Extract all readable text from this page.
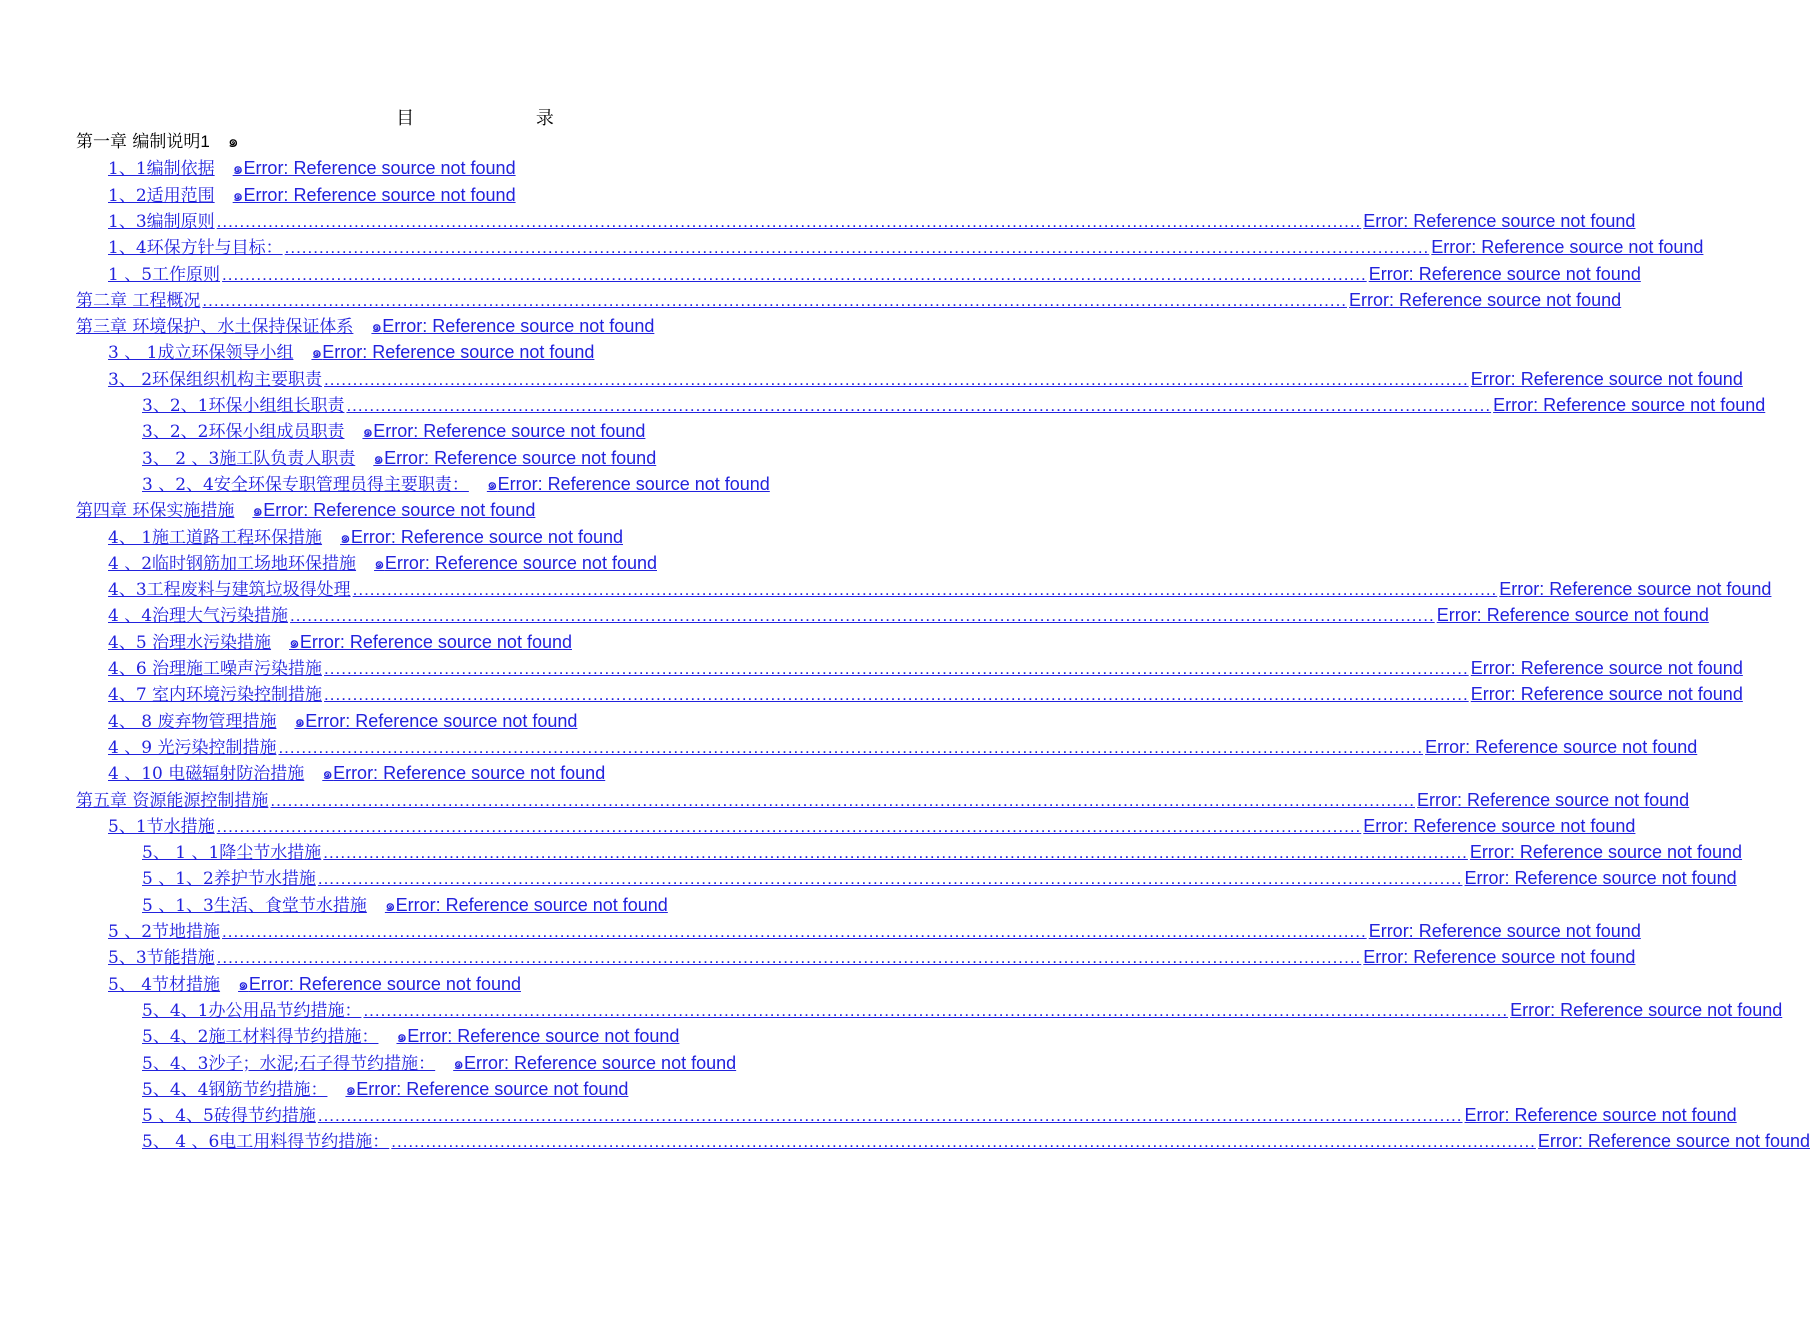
目 录
第一章 编制说明 1 ๑
1、1编制依据 ๑ Error: Reference source not found
1、2适用范围 ๑ Error: Reference source not found
1、3编制原则 ........................................................................................................................................................................................................ Error: Reference source not found
1、4环保方针与目标： ........................................................................................................................................................................................................ Error: Reference source not found
1 、5工作原则 ........................................................................................................................................................................................................ Error: Reference source not found
第二章 工程概况 ........................................................................................................................................................................................................ Error: Reference source not found
第三章 环境保护、水土保持保证体系 ๑ Error: Reference source not found
3 、 1成立环保领导小组 ๑ Error: Reference source not found
3、 2环保组织机构主要职责 ........................................................................................................................................................................................................ Error: Reference source not found
3、2、1环保小组组长职责 ........................................................................................................................................................................................................ Error: Reference source not found
3、2、2环保小组成员职责 ๑ Error: Reference source not found
3、 2 、3施工队负责人职责 ๑ Error: Reference source not found
3 、2、4安全环保专职管理员得主要职责： ๑ Error: Reference source not found
第四章 环保实施措施 ๑ Error: Reference source not found
4、 1施工道路工程环保措施 ๑ Error: Reference source not found
4 、2临时钢筋加工场地环保措施 ๑ Error: Reference source not found
4、3工程废料与建筑垃圾得处理 ........................................................................................................................................................................................................ Error: Reference source not found
4 、4治理大气污染措施 ........................................................................................................................................................................................................ Error: Reference source not found
4、5 治理水污染措施 ๑ Error: Reference source not found
4、6 治理施工噪声污染措施 ........................................................................................................................................................................................................ Error: Reference source not found
4、7 室内环境污染控制措施 ........................................................................................................................................................................................................ Error: Reference source not found
4、 8 废弃物管理措施 ๑ Error: Reference source not found
4 、9 光污染控制措施 ........................................................................................................................................................................................................ Error: Reference source not found
4 、10 电磁辐射防治措施 ๑ Error: Reference source not found
第五章 资源能源控制措施 ........................................................................................................................................................................................................ Error: Reference source not found
5、1节水措施 ........................................................................................................................................................................................................ Error: Reference source not found
5、 1 、1降尘节水措施 ........................................................................................................................................................................................................ Error: Reference source not found
5 、1、2养护节水措施 ........................................................................................................................................................................................................ Error: Reference source not found
5 、1、3生活、食堂节水措施 ๑ Error: Reference source not found
5 、2节地措施 ........................................................................................................................................................................................................ Error: Reference source not found
5、3节能措施 ........................................................................................................................................................................................................ Error: Reference source not found
5、 4节材措施 ๑ Error: Reference source not found
5、4、1办公用品节约措施： ........................................................................................................................................................................................................ Error: Reference source not found
5、4、2施工材料得节约措施： ๑ Error: Reference source not found
5、4、3沙子；水泥;石子得节约措施： ๑ Error: Reference source not found
5、4、4钢筋节约措施： ๑ Error: Reference source not found
5 、4、5砖得节约措施 ........................................................................................................................................................................................................ Error: Reference source not found
5、 4 、6电工用料得节约措施： ........................................................................................................................................................................................................ Error: Reference source not found
